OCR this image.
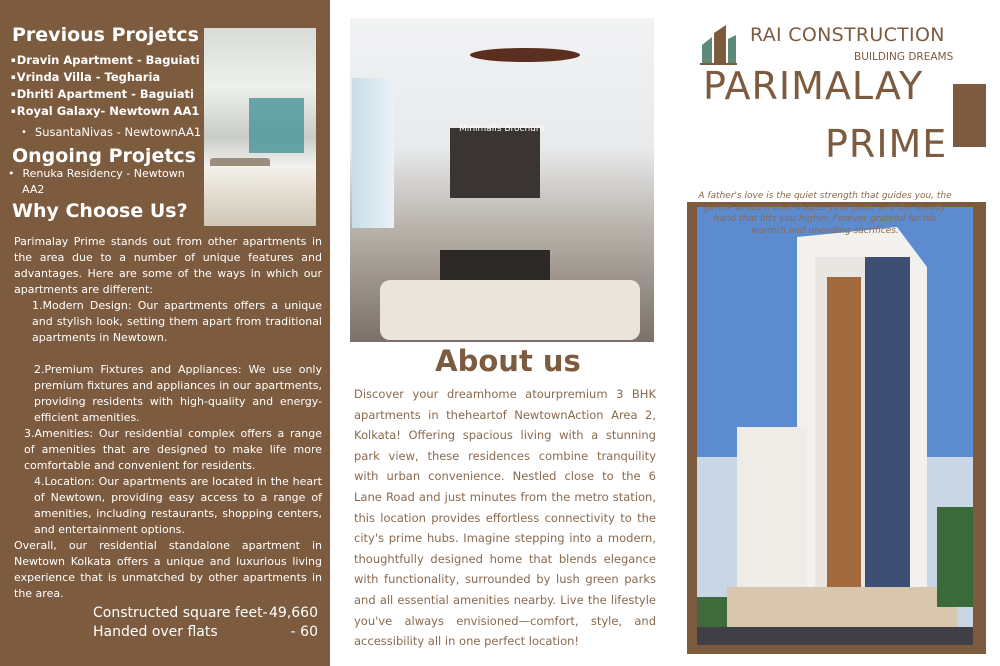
Previous Projetcs
▪ Dravin Apartment - Baguiati
▪ Vrinda Villa - Tegharia
▪ Dhriti Apartment - Baguiati
▪ Royal Galaxy- Newtown AA1
• SusantaNivas - NewtownAA1
Ongoing Projetcs
• Renuka Residency - Newtown AA2
Why Choose Us?

Parimalay Prime stands out from other apartments in the area due to a number of unique features and advantages. Here are some of the ways in which our apartments are different:

1.Modern Design: Our apartments offers a unique and stylish look, setting them apart from traditional apartments in Newtown.

2.Premium Fixtures and Appliances: We use only premium fixtures and appliances in our apartments, providing residents with high-quality and energy-efficient amenities.

3.Amenities: Our residential complex offers a range of amenities that are designed to make life more comfortable and convenient for residents.

4.Location: Our apartments are located in the heart of Newtown, providing easy access to a range of amenities, including restaurants, shopping centers, and entertainment options.

Overall, our residential standalone apartment in Newtown Kolkata offers a unique and luxurious living experience that is unmatched by other apartments in the area.

Constructed square feet- 49,660
Handed over flats	- 60
Minimalis Brochure
About us

Discover your dreamhome atourpremium 3 BHK apartments in theheartof NewtownAction Area 2, Kolkata! Offering spacious living with a stunning park view, these residences combine tranquility with urban convenience. Nestled close to the 6 Lane Road and just minutes from the metro station, this location provides effortless connectivity to the city's prime hubs. Imagine stepping into a modern, thoughtfully designed home that blends elegance with functionality, surrounded by lush green parks and all essential amenities nearby. Live the lifestyle you've always envisioned—comfort, style, and accessibility all in one perfect location!

RAI CONSTRUCTION
BUILDING DREAMS
PARIMALAY
PRIME

A father's love is the quiet strength that guides you, the gentle wisdom that shapes your path, and the steady hand that lifts you higher. Forever grateful for his warmth and unending sacrifices.
